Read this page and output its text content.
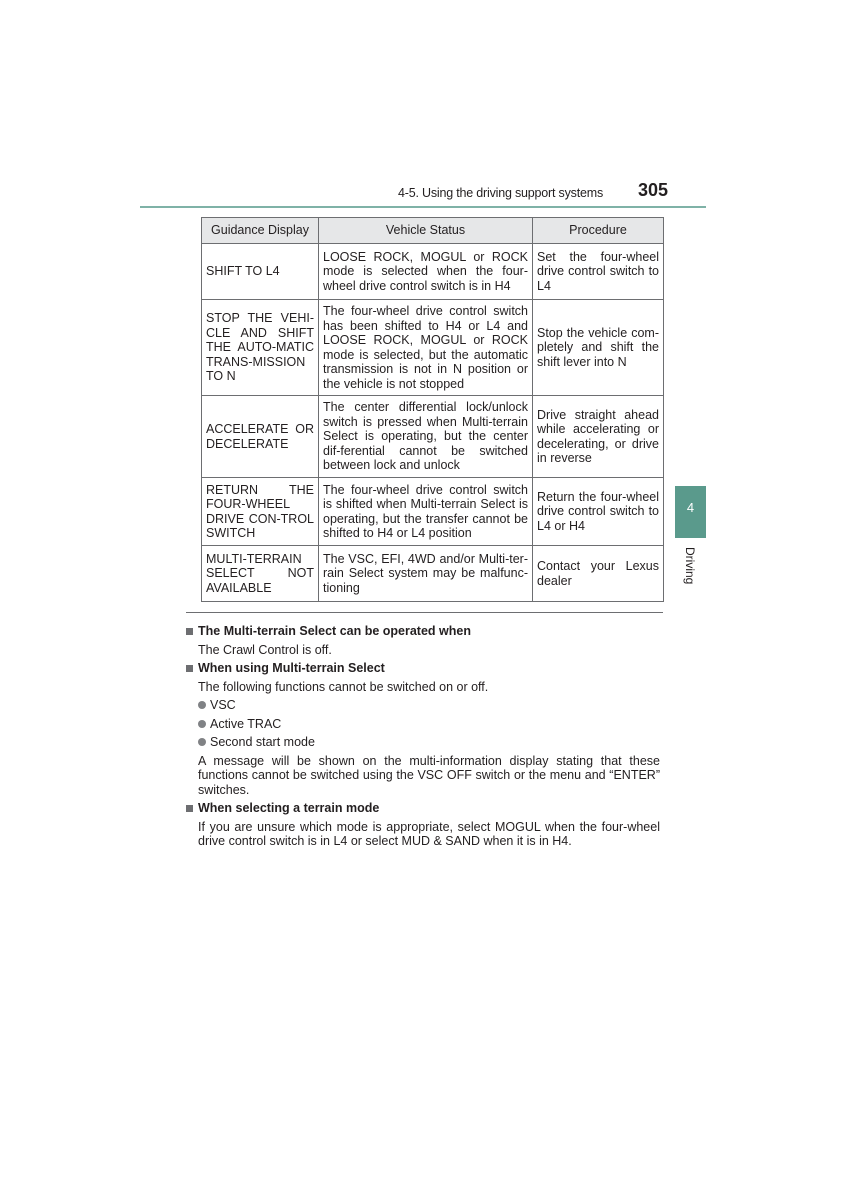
4-5. Using the driving support systems 305
4
Driving
Guidance Display	Vehicle Status	Procedure
SHIFT TO L4	LOOSE ROCK, MOGUL or ROCK mode is selected when the four-wheel drive control switch is in H4	Set the four-wheel drive control switch to L4
STOP THE VEHI-CLE AND SHIFT THE AUTO-MATIC TRANS-MISSION TO N	The four-wheel drive control switch has been shifted to H4 or L4 and LOOSE ROCK, MOGUL or ROCK mode is selected, but the automatic transmission is not in N position or the vehicle is not stopped	Stop the vehicle com-pletely and shift the shift lever into N
ACCELERATE OR DECELERATE	The center differential lock/unlock switch is pressed when Multi-terrain Select is operating, but the center dif-ferential cannot be switched between lock and unlock	Drive straight ahead while accelerating or decelerating, or drive in reverse
RETURN THE FOUR-WHEEL DRIVE CON-TROL SWITCH	The four-wheel drive control switch is shifted when Multi-terrain Select is operating, but the transfer cannot be shifted to H4 or L4 position	Return the four-wheel drive control switch to L4 or H4
MULTI-TERRAIN SELECT NOT AVAILABLE	The VSC, EFI, 4WD and/or Multi-ter-rain Select system may be malfunc-tioning	Contact your Lexus dealer
The Multi-terrain Select can be operated when
The Crawl Control is off.
When using Multi-terrain Select
The following functions cannot be switched on or off.
VSC
Active TRAC
Second start mode
A message will be shown on the multi-information display stating that these functions cannot be switched using the VSC OFF switch or the menu and “ENTER” switches.
When selecting a terrain mode
If you are unsure which mode is appropriate, select MOGUL when the four-wheel drive control switch is in L4 or select MUD & SAND when it is in H4.
